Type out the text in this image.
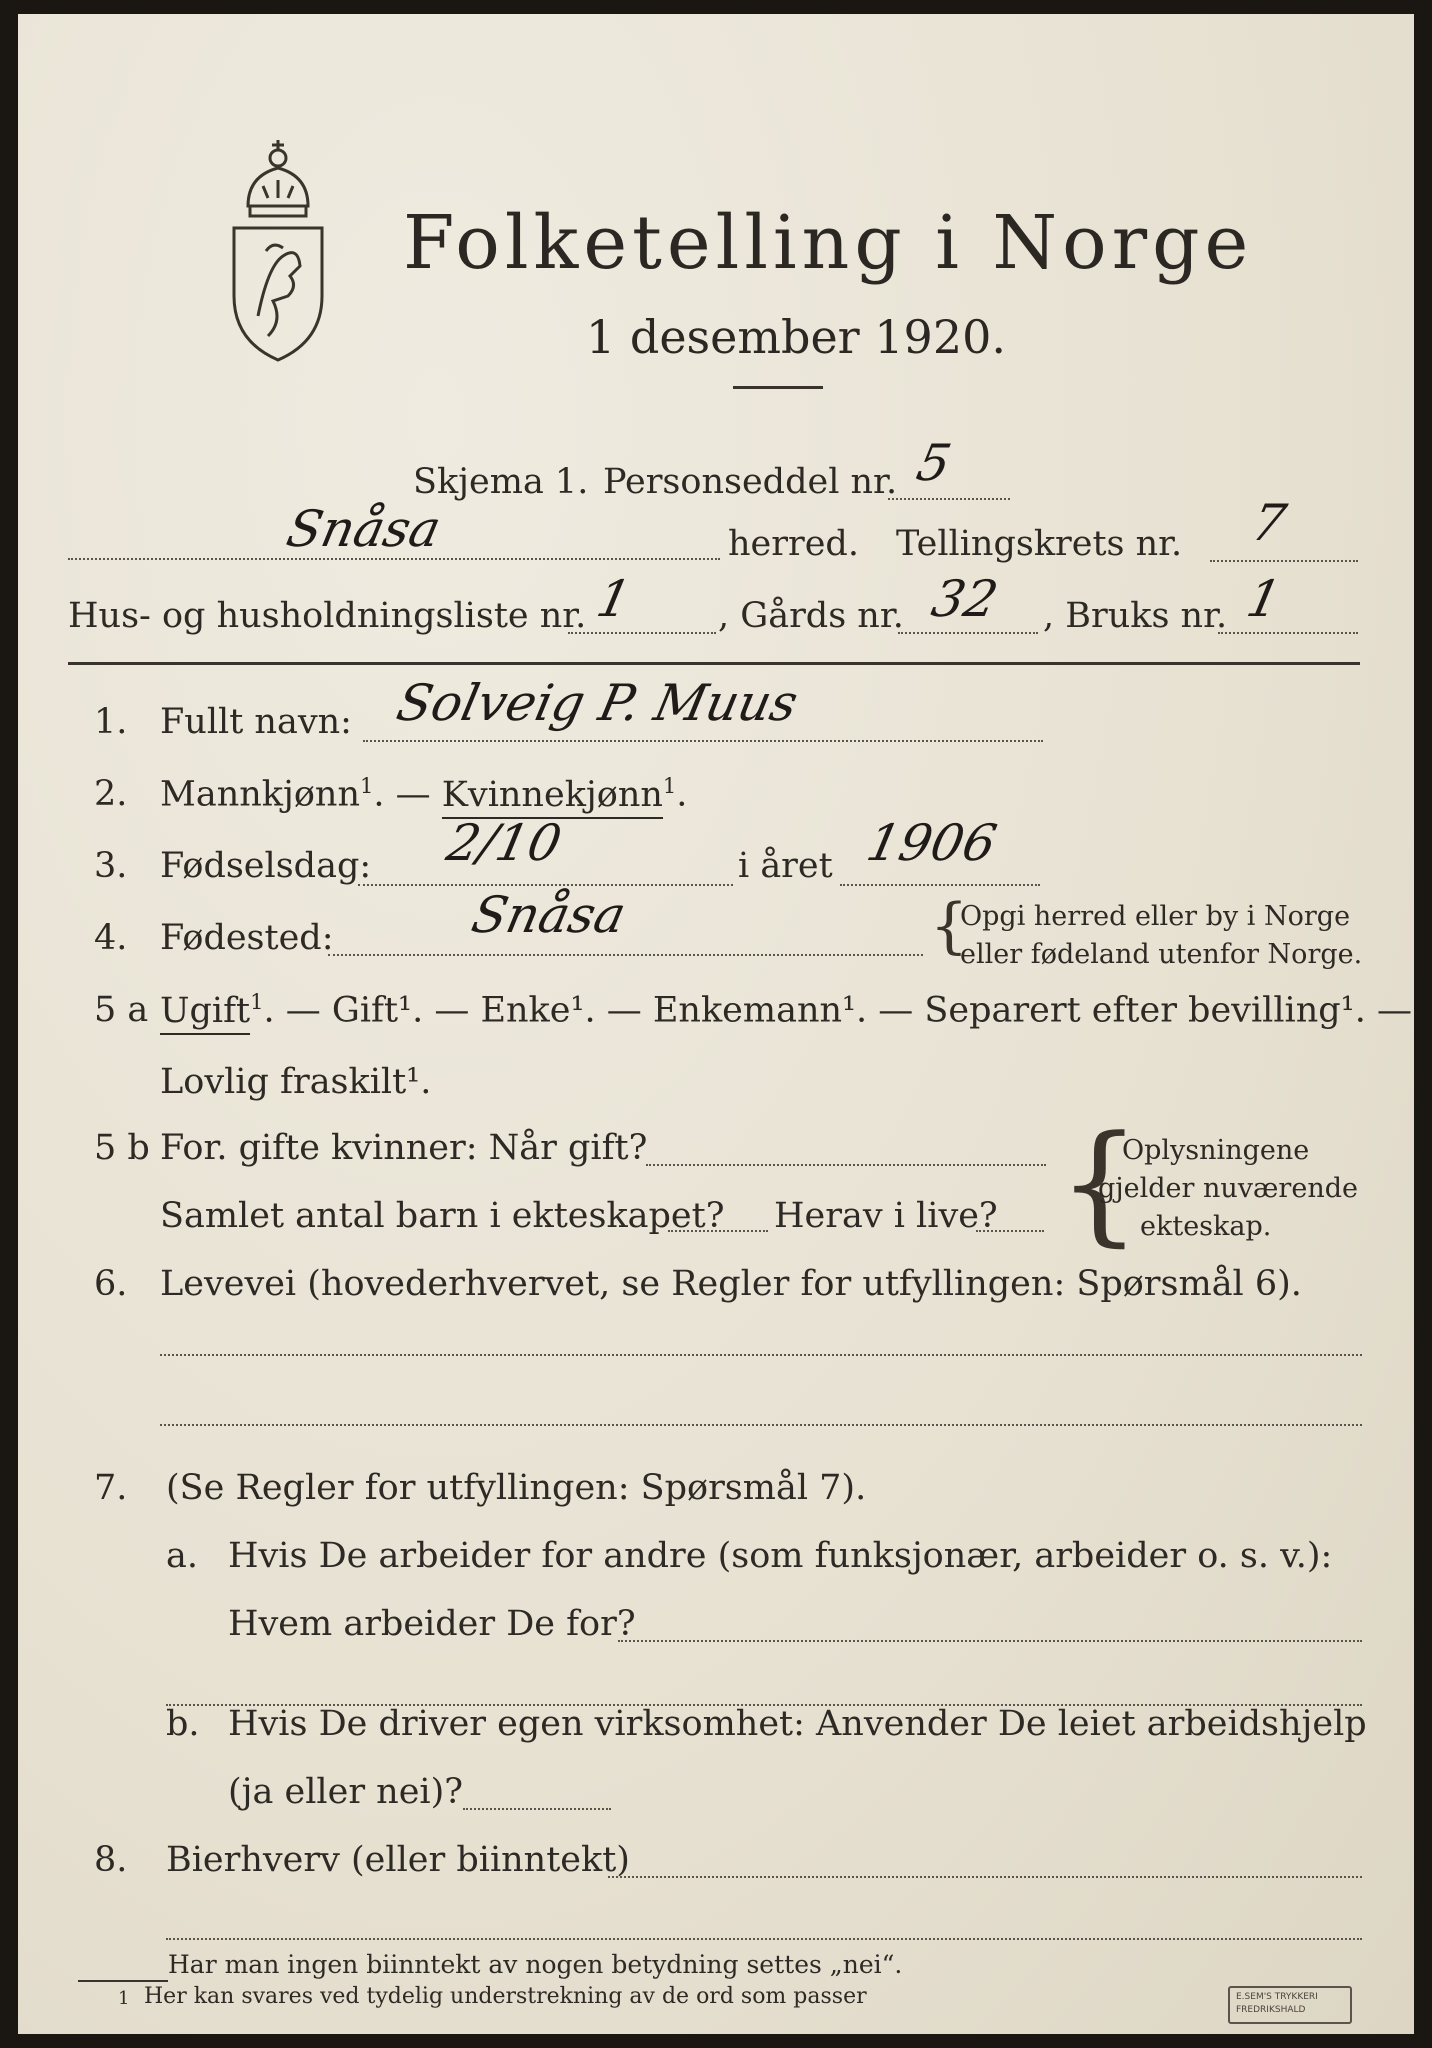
Folketelling i Norge
1 desember 1920.
Skjema 1. Personseddel nr. 5
Snåsa	herred. Tellingskrets nr. 7
Hus- og husholdningsliste nr. 1 , Gårds nr. 32 , Bruks nr. 1
1. Fullt navn: Solveig P. Muus
2. Mannkjønn$^1$. — Kvinnekjønn$^1$.
3. Fødselsdag: 2/10	i året 1906
4. Fødested:	Snåsa	{
Opgi herred eller by i Norge
eller fødeland utenfor Norge.
5 a Ugift$^1$. — Gift¹. — Enke¹. — Enkemann¹. — Separert efter bevilling¹. —
Lovlig fraskilt¹.
5 b For. gifte kvinner: Når gift?
Samlet antal barn i ekteskapet? Herav i live? {
Oplysningene
gjelder nuværende
ekteskap.
6. Levevei (hovederhvervet, se Regler for utfyllingen: Spørsmål 6).
7. (Se Regler for utfyllingen: Spørsmål 7).
a. Hvis De arbeider for andre (som funksjonær, arbeider o. s. v.):
Hvem arbeider De for?
b. Hvis De driver egen virksomhet: Anvender De leiet arbeidshjelp
(ja eller nei)?
8. Bierhverv (eller biinntekt)
Har man ingen biinntekt av nogen betydning settes „nei“.
1 Her kan svares ved tydelig understrekning av de ord som passer	E.SEM'S TRYKKERI
FREDRIKSHALD
